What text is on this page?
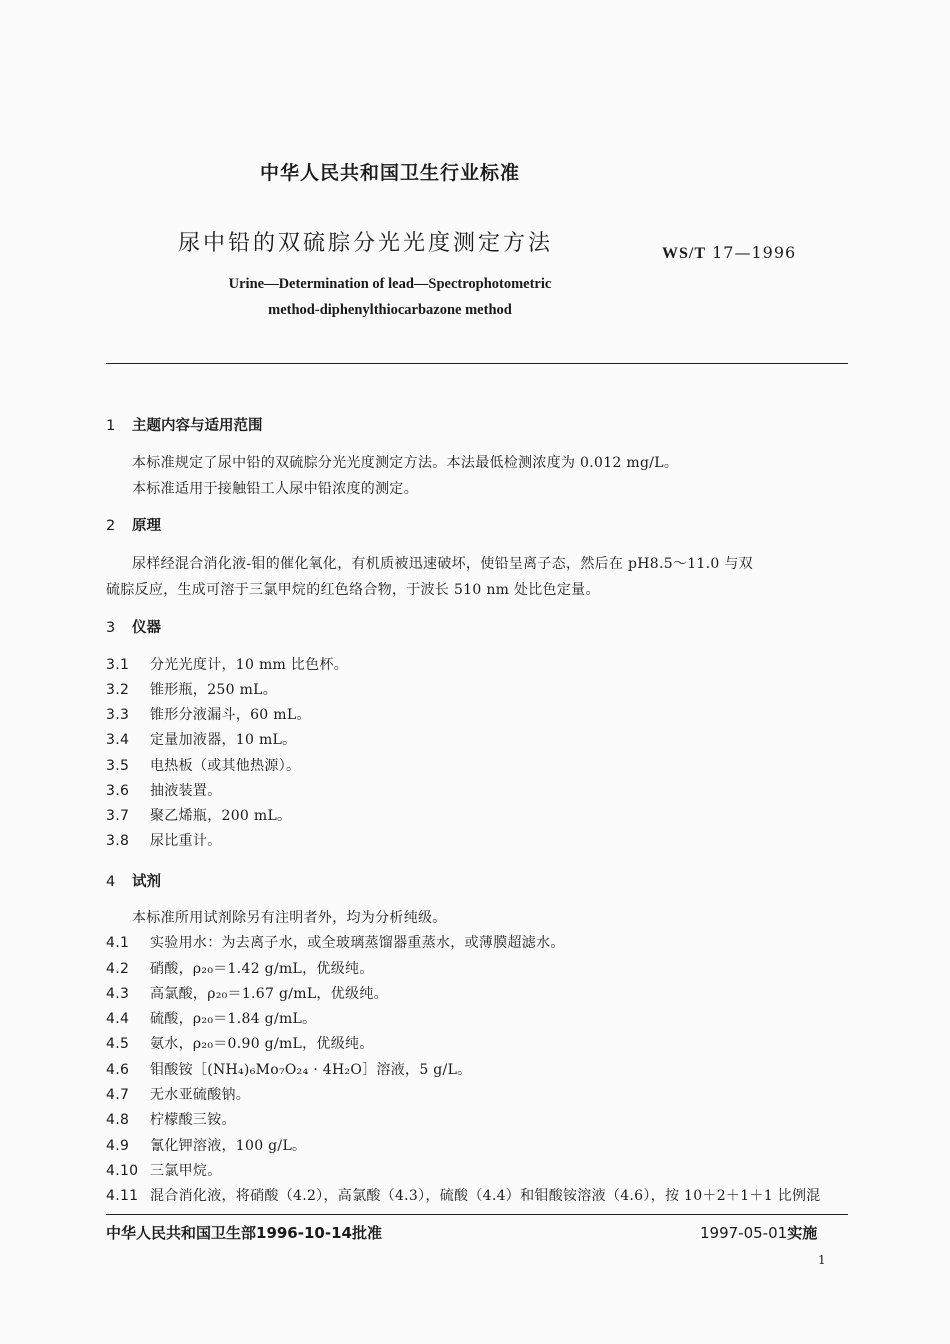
中华人民共和国卫生行业标准
尿中铅的双硫腙分光光度测定方法	WS/T 17—1996
Urine—Determination of lead—Spectrophotometric
method-diphenylthiocarbazone method
1 主题内容与适用范围
本标准规定了尿中铅的双硫腙分光光度测定方法。本法最低检测浓度为 0.012 mg/L。
本标准适用于接触铅工人尿中铅浓度的测定。
2 原理
尿样经混合消化液-钼的催化氧化，有机质被迅速破坏，使铅呈离子态，然后在 pH8.5～11.0 与双
硫腙反应，生成可溶于三氯甲烷的红色络合物，于波长 510 nm 处比色定量。
3 仪器
3.1 分光光度计，10 mm 比色杯。
3.2 锥形瓶，250 mL。
3.3 锥形分液漏斗，60 mL。
3.4 定量加液器，10 mL。
3.5 电热板（或其他热源）。
3.6 抽液装置。
3.7 聚乙烯瓶，200 mL。
3.8 尿比重计。
4 试剂
本标准所用试剂除另有注明者外，均为分析纯级。
4.1 实验用水：为去离子水，或全玻璃蒸馏器重蒸水，或薄膜超滤水。
4.2 硝酸，ρ₂₀＝1.42 g/mL，优级纯。
4.3 高氯酸，ρ₂₀＝1.67 g/mL，优级纯。
4.4 硫酸，ρ₂₀＝1.84 g/mL。
4.5 氨水，ρ₂₀＝0.90 g/mL，优级纯。
4.6 钼酸铵［(NH₄)₆Mo₇O₂₄ · 4H₂O］溶液，5 g/L。
4.7 无水亚硫酸钠。
4.8 柠檬酸三铵。
4.9 氰化钾溶液，100 g/L。
4.10 三氯甲烷。
4.11 混合消化液，将硝酸（4.2），高氯酸（4.3），硫酸（4.4）和钼酸铵溶液（4.6），按 10＋2＋1＋1 比例混
中华人民共和国卫生部1996-10-14批准	1997-05-01实施
1
